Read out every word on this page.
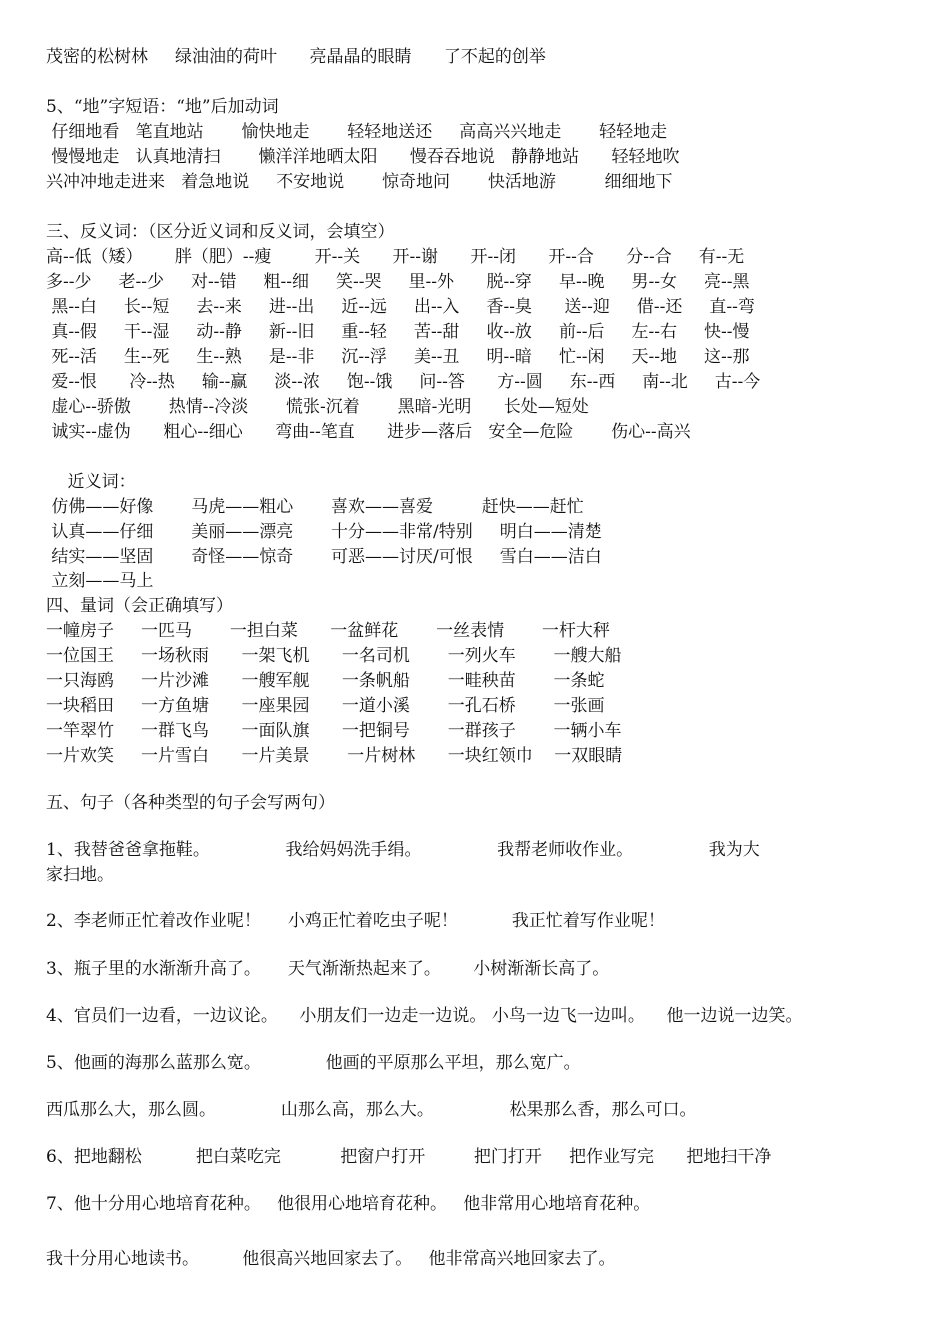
茂密的松树林     绿油油的荷叶      亮晶晶的眼睛      了不起的创举
5、“地”字短语：“地”后加动词
仔细地看   笔直地站       愉快地走       轻轻地送还     高高兴兴地走       轻轻地走
慢慢地走   认真地清扫       懒洋洋地晒太阳      慢吞吞地说   静静地站      轻轻地吹
兴冲冲地走进来   着急地说     不安地说       惊奇地问       快活地游         细细地下
三、反义词：（区分近义词和反义词，会填空）
高--低（矮）      胖（肥）--瘦        开--关      开--谢      开--闭      开--合      分--合     有--无
多--少     老--少     对--错     粗--细     笑--哭     里--外      脱--穿     早--晚     男--女     亮--黑
黑--白     长--短     去--来     进--出     近--远     出--入     香--臭      送--迎     借--还     直--弯
真--假     干--湿     动--静     新--旧     重--轻     苦--甜     收--放     前--后     左--右     快--慢
死--活     生--死     生--熟     是--非     沉--浮     美--丑     明--暗     忙--闲     天--地     这--那
爱--恨      冷--热     输--赢     淡--浓     饱--饿     问--答      方--圆     东--西     南--北     古--今
虚心--骄傲       热情--冷淡       慌张-沉着       黑暗-光明      长处—短处
诚实--虚伪      粗心--细心      弯曲--笔直      进步—落后   安全—危险       伤心--高兴
近义词：
仿佛——好像       马虎——粗心       喜欢——喜爱         赶快——赶忙
认真——仔细       美丽——漂亮       十分——非常/特别     明白——清楚
结实——坚固       奇怪——惊奇       可恶——讨厌/可恨     雪白——洁白
立刻——马上
四、量词（会正确填写）
一幢房子     一匹马       一担白菜      一盆鲜花       一丝表情       一杆大秤
一位国王     一场秋雨      一架飞机      一名司机       一列火车       一艘大船
一只海鸥     一片沙滩      一艘军舰      一条帆船       一畦秧苗       一条蛇
一块稻田     一方鱼塘      一座果园      一道小溪       一孔石桥       一张画
一竿翠竹     一群飞鸟      一面队旗      一把铜号       一群孩子       一辆小车
一片欢笑     一片雪白      一片美景       一片树林      一块红领巾    一双眼睛
五、句子（各种类型的句子会写两句）
1、我替爸爸拿拖鞋。              我给妈妈洗手绢。              我帮老师收作业。              我为大
家扫地。
2、李老师正忙着改作业呢！     小鸡正忙着吃虫子呢！          我正忙着写作业呢！
3、瓶子里的水渐渐升高了。     天气渐渐热起来了。      小树渐渐长高了。
4、官员们一边看，一边议论。    小朋友们一边走一边说。 小鸟一边飞一边叫。    他一边说一边笑。
5、他画的海那么蓝那么宽。            他画的平原那么平坦，那么宽广。
西瓜那么大，那么圆。            山那么高，那么大。              松果那么香，那么可口。
6、把地翻松          把白菜吃完           把窗户打开         把门打开     把作业写完      把地扫干净
7、他十分用心地培育花种。   他很用心地培育花种。   他非常用心地培育花种。
我十分用心地读书。        他很高兴地回家去了。   他非常高兴地回家去了。
